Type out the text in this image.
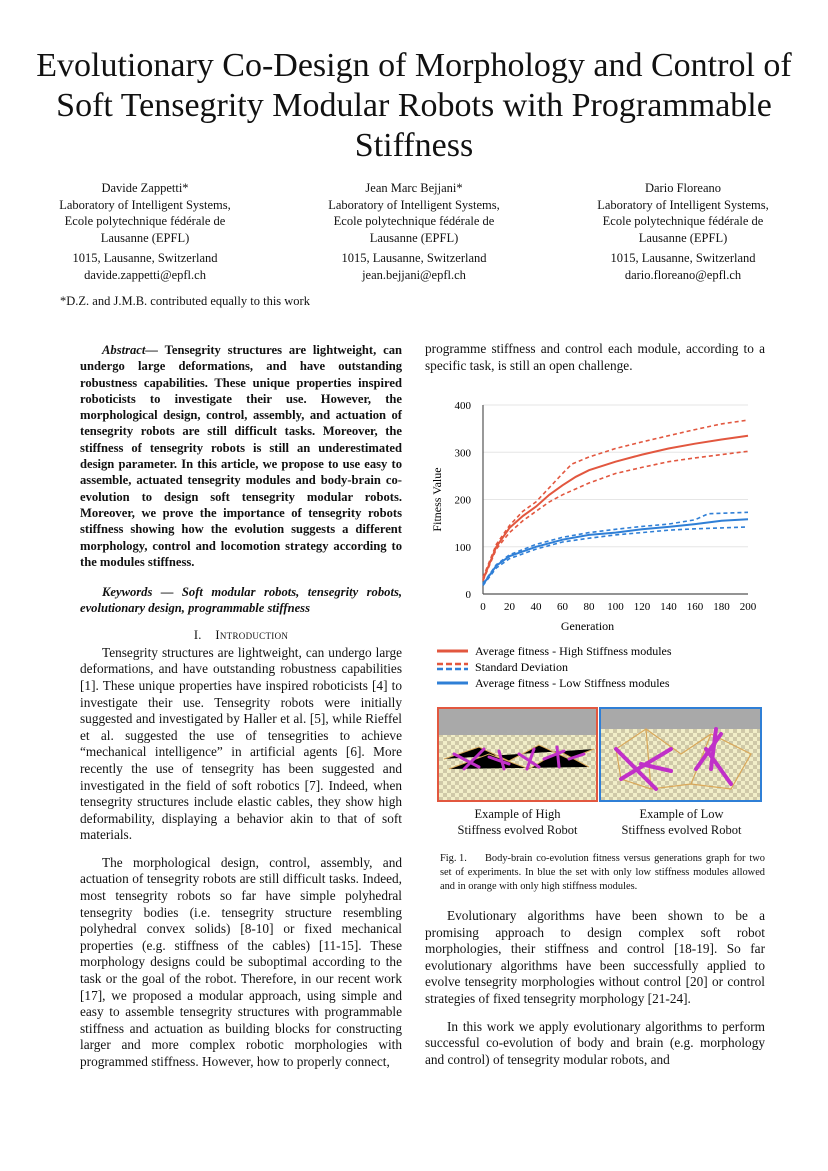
Evolutionary Co-Design of Morphology and Control of Soft Tensegrity Modular Robots with Programmable Stiffness
Davide Zappetti*
Laboratory of Intelligent Systems,
Ecole polytechnique fédérale de
Lausanne (EPFL)
1015, Lausanne, Switzerland
davide.zappetti@epfl.ch
Jean Marc Bejjani*
Laboratory of Intelligent Systems,
Ecole polytechnique fédérale de
Lausanne (EPFL)
1015, Lausanne, Switzerland
jean.bejjani@epfl.ch
Dario Floreano
Laboratory of Intelligent Systems,
Ecole polytechnique fédérale de
Lausanne (EPFL)
1015, Lausanne, Switzerland
dario.floreano@epfl.ch
*D.Z. and J.M.B. contributed equally to this work
Abstract— Tensegrity structures are lightweight, can undergo large deformations, and have outstanding robustness capabilities. These unique properties inspired roboticists to investigate their use. However, the morphological design, control, assembly, and actuation of tensegrity robots are still difficult tasks. Moreover, the stiffness of tensegrity robots is still an underestimated design parameter. In this article, we propose to use easy to assemble, actuated tensegrity modules and body-brain co-evolution to design soft tensegrity modular robots. Moreover, we prove the importance of tensegrity robots stiffness showing how the evolution suggests a different morphology, control and locomotion strategy according to the modules stiffness.
Keywords — Soft modular robots, tensegrity robots, evolutionary design, programmable stiffness
I. Introduction

Tensegrity structures are lightweight, can undergo large deformations, and have outstanding robustness capabilities [1]. These unique properties have inspired roboticists [4] to investigate their use. Tensegrity robots were initially suggested and investigated by Haller et al. [5], while Rieffel et al. suggested the use of tensegrities to achieve “mechanical intelligence” in artificial agents [6]. More recently the use of tensegrity has been suggested and investigated in the field of soft robotics [7]. Indeed, when tensegrity structures include elastic cables, they show high deformability, displaying a behavior akin to that of soft materials.

The morphological design, control, assembly, and actuation of tensegrity robots are still difficult tasks. Indeed, most tensegrity robots so far have simple polyhedral tensegrity bodies (i.e. tensegrity structure resembling polyhedral convex solids) [8-10] or fixed mechanical properties (e.g. stiffness of the cables) [11-15]. These morphology designs could be suboptimal according to the task or the goal of the robot. Therefore, in our recent work [17], we proposed a modular approach, using simple and easy to assemble tensegrity structures with programmable stiffness and actuation as building blocks for constructing larger and more complex robotic morphologies with programmed stiffness. However, how to properly connect,

programme stiffness and control each module, according to a specific task, is still an open challenge.
0
100
200
300
400
0 20 40 60 80 100 120 140 160 180 200
Generation
Fitness Value
Average fitness - High Stiffness modules
Standard Deviation
Average fitness - Low Stiffness modules
Example of High
Stiffness evolved Robot
Example of Low
Stiffness evolved Robot
Fig. 1. Body-brain co-evolution fitness versus generations graph for two set of experiments. In blue the set with only low stiffness modules allowed and in orange with only high stiffness modules.

Evolutionary algorithms have been shown to be a promising approach to design complex soft robot morphologies, their stiffness and control [18-19]. So far evolutionary algorithms have been successfully applied to evolve tensegrity morphologies without control [20] or control strategies of fixed tensegrity morphology [21-24].

In this work we apply evolutionary algorithms to perform successful co-evolution of body and brain (e.g. morphology and control) of tensegrity modular robots, and
